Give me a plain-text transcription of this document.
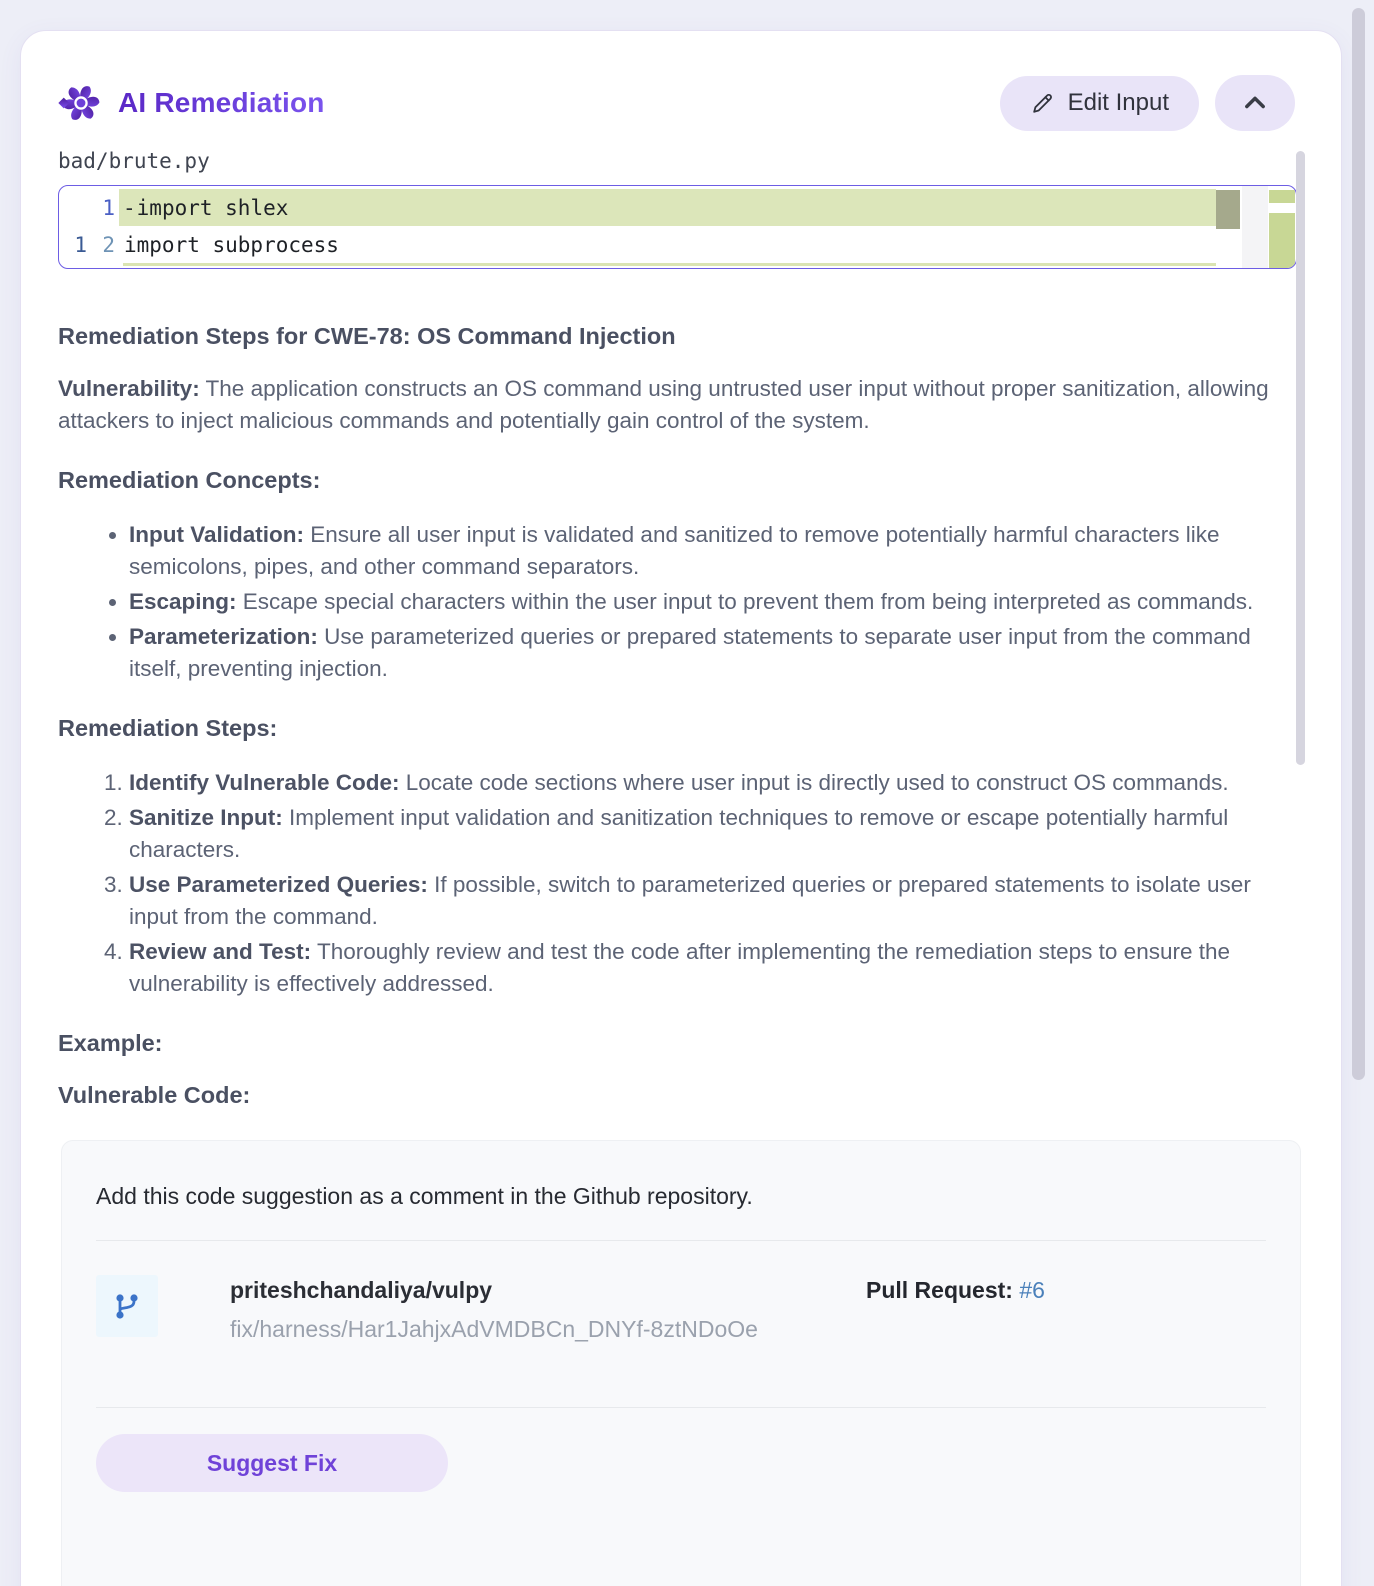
AI Remediation	Edit Input
bad/brute.py
1 - import shlex
1 2 import subprocess
Remediation Steps for CWE-78: OS Command Injection

Vulnerability: The application constructs an OS command using untrusted user input without proper sanitization, allowing attackers to inject malicious commands and potentially gain control of the system.

Remediation Concepts:
• Input Validation: Ensure all user input is validated and sanitized to remove potentially harmful characters like semicolons, pipes, and other command separators.
• Escaping: Escape special characters within the user input to prevent them from being interpreted as commands.
• Parameterization: Use parameterized queries or prepared statements to separate user input from the command itself, preventing injection.
Remediation Steps:
1. Identify Vulnerable Code: Locate code sections where user input is directly used to construct OS commands.
2. Sanitize Input: Implement input validation and sanitization techniques to remove or escape potentially harmful characters.
3. Use Parameterized Queries: If possible, switch to parameterized queries or prepared statements to isolate user input from the command.
4. Review and Test: Thoroughly review and test the code after implementing the remediation steps to ensure the vulnerability is effectively addressed.
Example:
Vulnerable Code:

Add this code suggestion as a comment in the Github repository.

priteshchandaliya/vulpy
fix/harness/Har1JahjxAdVMDBCn_DNYf-8ztNDoOe
Pull Request: #6
Suggest Fix
